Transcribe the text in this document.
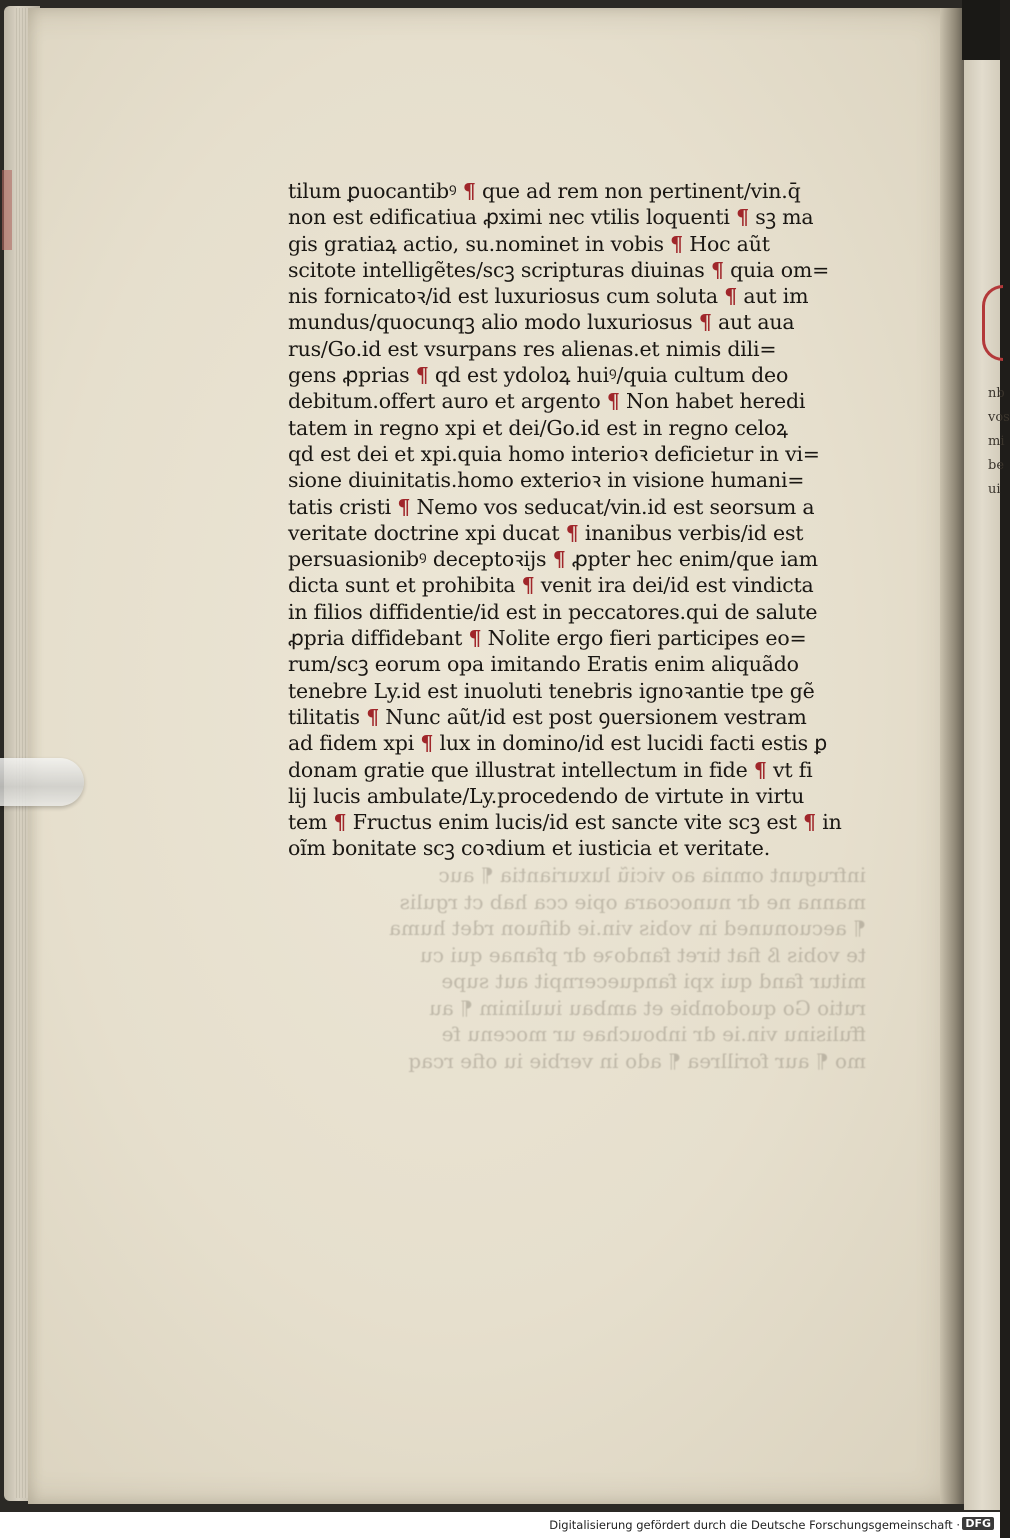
nb
vos
mi
be
ui
tilum ꝑuocantibꝰ ¶ que ad rem non pertinent/vin.q̄
non est edificatiua ꝓximi nec vtilis loquenti ¶ sꝫ ma
gis gratiaꝝ actio, su.nominet in vobis ¶ Hoc aũt
scitote intelligẽtes/scꝫ scripturas diuinas ¶ quia om=
nis fornicatoꝛ/id est luxuriosus cum soluta ¶ aut im
mundus/quocunqꝫ alio modo luxuriosus ¶ aut aua
rus/Go.id est vsurpans res alienas.et nimis dili=
gens ꝓprias ¶ qd est ydoloꝝ huiꝰ/quia cultum deo
debitum.offert auro et argento ¶ Non habet heredi
tatem in regno xpi et dei/Go.id est in regno celoꝝ
qd est dei et xpi.quia homo interioꝛ deficietur in vi=
sione diuinitatis.homo exterioꝛ in visione humani=
tatis cristi ¶ Nemo vos seducat/vin.id est seorsum a
veritate doctrine xpi ducat ¶ inanibus verbis/id est
persuasionibꝰ deceptoꝛijs ¶ ꝓpter hec enim/que iam
dicta sunt et prohibita ¶ venit ira dei/id est vindicta
in filios diffidentie/id est in peccatores.qui de salute
ꝓpria diffidebant ¶ Nolite ergo fieri participes eo=
rum/scꝫ eorum opa imitando Eratis enim aliquãdo
tenebre Ly.id est inuoluti tenebris ignoꝛantie tpe gẽ
tilitatis ¶ Nunc aũt/id est post ꝯuersionem vestram
ad fidem xpi ¶ lux in domino/id est lucidi facti estis ꝑ
donam gratie que illustrat intellectum in fide ¶ vt fi
lij lucis ambulate/Ly.procedendo de virtute in virtu
tem ¶ Fructus enim lucis/id est sancte vite scꝫ est ¶ in
oĩm bonitate scꝫ coꝛdium et iusticia et veritate.
infrugunt omnia ao viciũ luxuriantia ¶ auc
manna ne dr nunocoara opie cca hab ct rgulis
¶ aecuonuned in vobis vin.ie difiuon rdet huma
te vobis ß fiat tiret fandoꝛe dr pfanae qui cu
mitur fand qui xpi fanquecernpit aut supe
rutio Go quodonbie et ambau iuulinim ¶ au
ffulisinu vin.ie dr inbouchae ur mocenu fe
mo ¶ aur forillrea ¶ ado in verbie iu ofie rcaq
Digitalisierung gefördert durch die Deutsche Forschungsgemeinschaft · DFG
